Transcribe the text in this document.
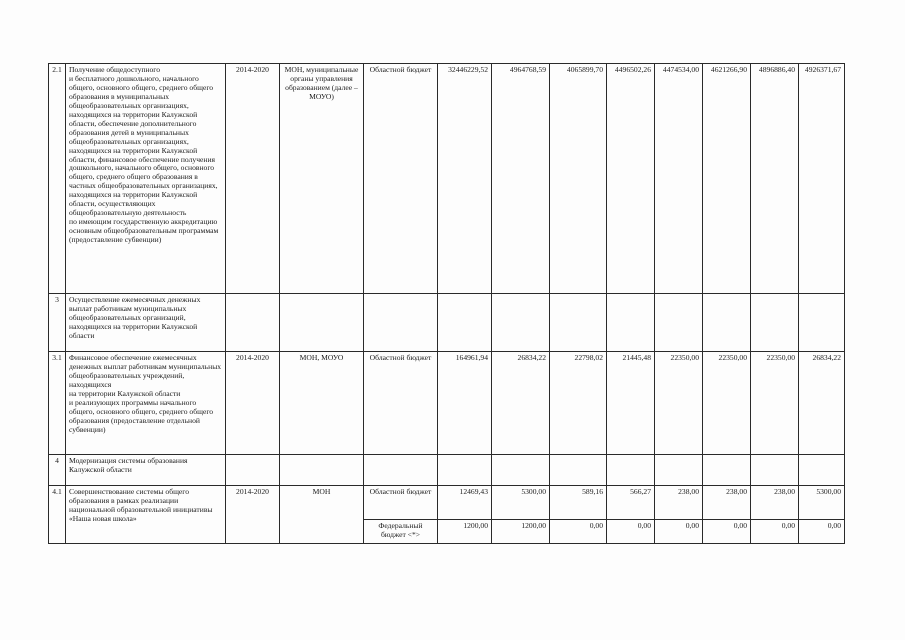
2.1	Получение общедоступного
и бесплатного дошкольного, начального общего, основного общего, среднего общего образования в муниципальных общеобразовательных организациях, находящихся на территории Калужской области, обеспечение дополнительного образования детей в муниципальных общеобразовательных организациях, находящихся на территории Калужской области, финансовое обеспечение получения дошкольного, начального общего, основного общего, среднего общего образования в частных общеобразовательных организациях, находящихся на территории Калужской области, осуществляющих общеобразовательную деятельность
по имеющим государственную аккредитацию основным общеобразовательным программам (предоставление субвенции)	2014-2020	МОН, муниципальные органы управления образованием (далее – МОУО)	Областной бюджет	32446229,52	4964768,59	4065899,70	4496502,26	4474534,00	4621266,90	4896886,40	4926371,67
3	Осуществление ежемесячных денежных выплат работникам муниципальных общеобразовательных организаций, находящихся на территории Калужской области											
3.1	Финансовое обеспечение ежемесячных денежных выплат работникам муниципальных общеобразовательных учреждений, находящихся
на территории Калужской области
и реализующих программы начального общего, основного общего, среднего общего образования (предоставление отдельной субвенции)	2014-2020	МОН, МОУО	Областной бюджет	164961,94	26834,22	22798,02	21445,48	22350,00	22350,00	22350,00	26834,22
4	Модернизация системы образования Калужской области											
4.1	Совершенствование системы общего образования в рамках реализации национальной образовательной инициативы «Наша новая школа»	2014-2020	МОН	Областной бюджет	12469,43	5300,00	589,16	566,27	238,00	238,00	238,00	5300,00
				Федеральный бюджет <*>	1200,00	1200,00	0,00	0,00	0,00	0,00	0,00	0,00
